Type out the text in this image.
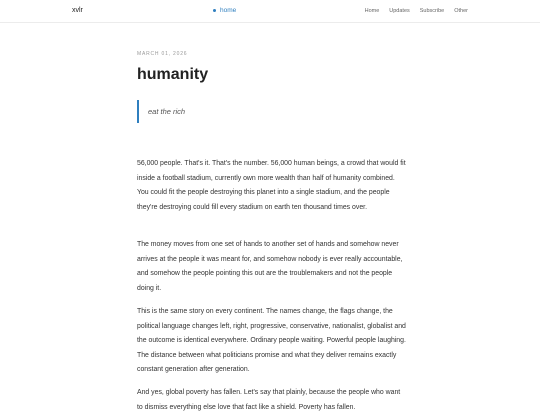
xvlr	home	Home Updates Subscribe Other
MARCH 01, 2026
humanity
eat the rich

56,000 people. That's it. That's the number. 56,000 human beings, a crowd that would fit inside a football stadium, currently own more wealth than half of humanity combined. You could fit the people destroying this planet into a single stadium, and the people they're destroying could fill every stadium on earth ten thousand times over.

The money moves from one set of hands to another set of hands and somehow never arrives at the people it was meant for, and somehow nobody is ever really accountable, and somehow the people pointing this out are the troublemakers and not the people doing it.

This is the same story on every continent. The names change, the flags change, the political language changes left, right, progressive, conservative, nationalist, globalist and the outcome is identical everywhere. Ordinary people waiting. Powerful people laughing. The distance between what politicians promise and what they deliver remains exactly constant generation after generation.

And yes, global poverty has fallen. Let's say that plainly, because the people who want to dismiss everything else love that fact like a shield. Poverty has fallen.
